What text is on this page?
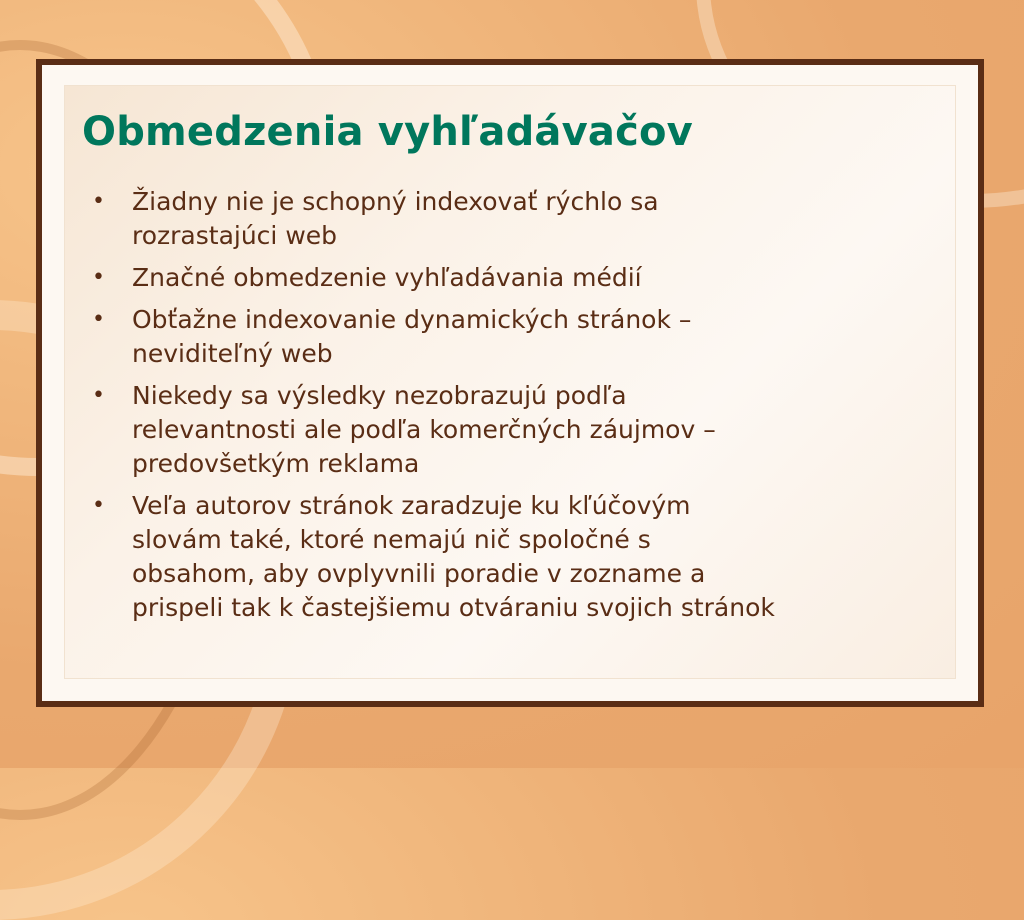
Obmedzenia vyhľadávačov
• Žiadny nie je schopný indexovať rýchlo sa
rozrastajúci web
• Značné obmedzenie vyhľadávania médií
• Obťažne indexovanie dynamických stránok –
neviditeľný web
• Niekedy sa výsledky nezobrazujú podľa
relevantnosti ale podľa komerčných záujmov –
predovšetkým reklama
• Veľa autorov stránok zaradzuje ku kľúčovým
slovám také, ktoré nemajú nič spoločné s
obsahom, aby ovplyvnili poradie v zozname a
prispeli tak k častejšiemu otváraniu svojich stránok
